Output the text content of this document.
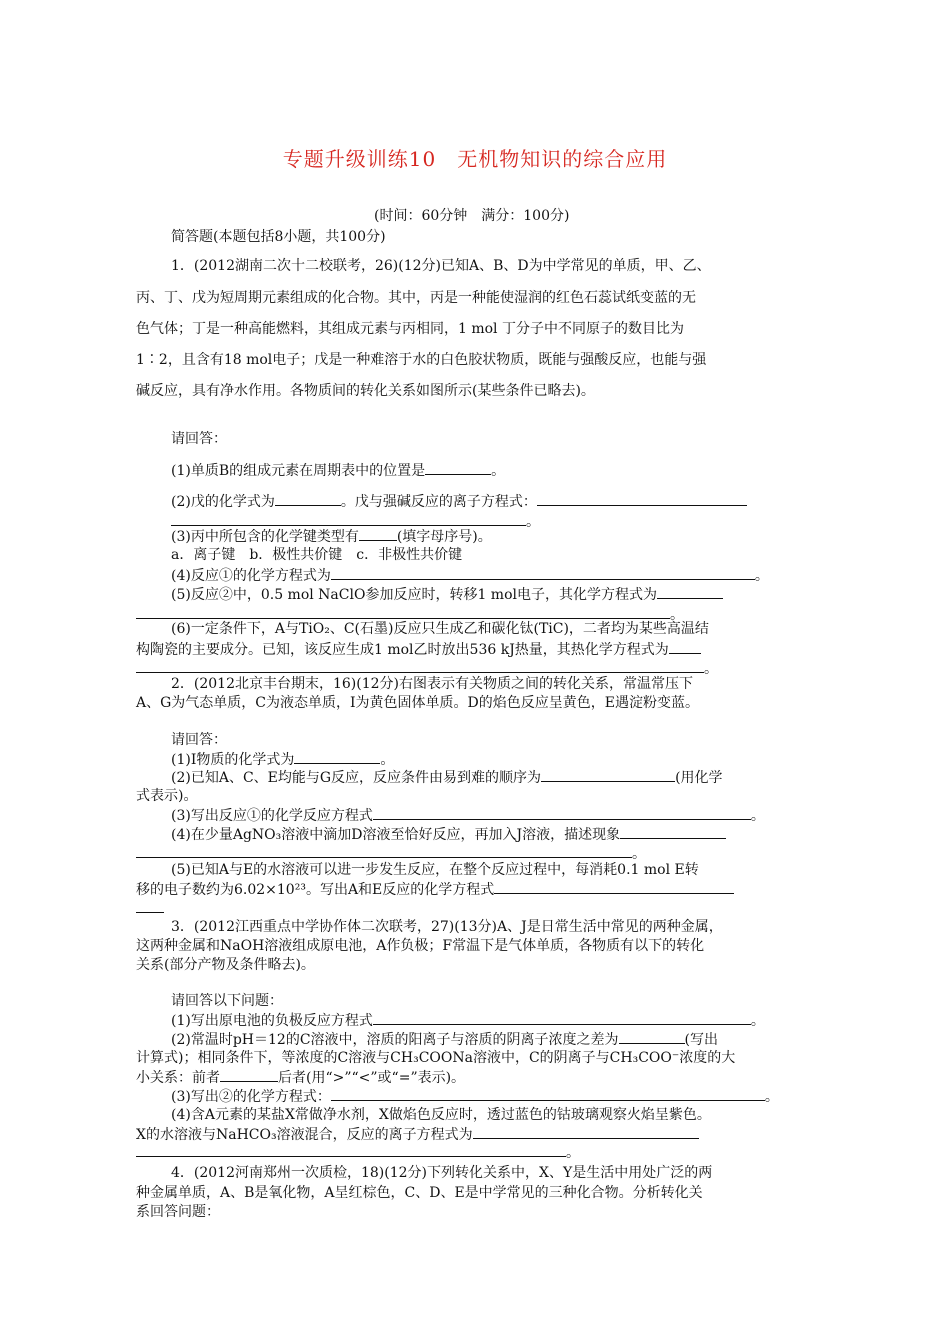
专题升级训练10　无机物知识的综合应用
(时间：60分钟　满分：100分)
简答题(本题包括8小题，共100分)
1．(2012湖南二次十二校联考，26)(12分)已知A、B、D为中学常见的单质，甲、乙、
丙、丁、戊为短周期元素组成的化合物。其中，丙是一种能使湿润的红色石蕊试纸变蓝的无
色气体；丁是一种高能燃料，其组成元素与丙相同，1 mol 丁分子中不同原子的数目比为
1∶2，且含有18 mol电子；戊是一种难溶于水的白色胶状物质，既能与强酸反应，也能与强
碱反应，具有净水作用。各物质间的转化关系如图所示(某些条件已略去)。
请回答：
(1)单质B的组成元素在周期表中的位置是	。
(2)戊的化学式为	。戊与强碱反应的离子方程式：
。
(3)丙中所包含的化学键类型有	(填字母序号)。
a．离子键　b．极性共价键　c．非极性共价键
(4)反应①的化学方程式为	。
(5)反应②中，0.5 mol NaClO参加反应时，转移1 mol电子，其化学方程式为
。
(6)一定条件下，A与TiO₂、C(石墨)反应只生成乙和碳化钛(TiC)，二者均为某些高温结
构陶瓷的主要成分。已知，该反应生成1 mol乙时放出536 kJ热量，其热化学方程式为
。
2．(2012北京丰台期末，16)(12分)右图表示有关物质之间的转化关系，常温常压下
A、G为气态单质，C为液态单质，I为黄色固体单质。D的焰色反应呈黄色，E遇淀粉变蓝。
请回答：
(1)I物质的化学式为	。
(2)已知A、C、E均能与G反应，反应条件由易到难的顺序为	(用化学
式表示)。
(3)写出反应①的化学反应方程式	。
(4)在少量AgNO₃溶液中滴加D溶液至恰好反应，再加入J溶液，描述现象
。
(5)已知A与E的水溶液可以进一步发生反应，在整个反应过程中，每消耗0.1 mol E转
移的电子数约为6.02×10²³。写出A和E反应的化学方程式
3．(2012江西重点中学协作体二次联考，27)(13分)A、J是日常生活中常见的两种金属，
这两种金属和NaOH溶液组成原电池，A作负极；F常温下是气体单质，各物质有以下的转化
关系(部分产物及条件略去)。
请回答以下问题：
(1)写出原电池的负极反应方程式	。
(2)常温时pH＝12的C溶液中，溶质的阳离子与溶质的阴离子浓度之差为	(写出
计算式)；相同条件下，等浓度的C溶液与CH₃COONa溶液中，C的阴离子与CH₃COO⁻浓度的大
小关系：前者	后者(用“>”“<”或“=”表示)。
(3)写出②的化学方程式：	。
(4)含A元素的某盐X常做净水剂，X做焰色反应时，透过蓝色的钴玻璃观察火焰呈紫色。
X的水溶液与NaHCO₃溶液混合，反应的离子方程式为
。
4．(2012河南郑州一次质检，18)(12分)下列转化关系中，X、Y是生活中用处广泛的两
种金属单质，A、B是氧化物，A呈红棕色，C、D、E是中学常见的三种化合物。分析转化关
系回答问题：
